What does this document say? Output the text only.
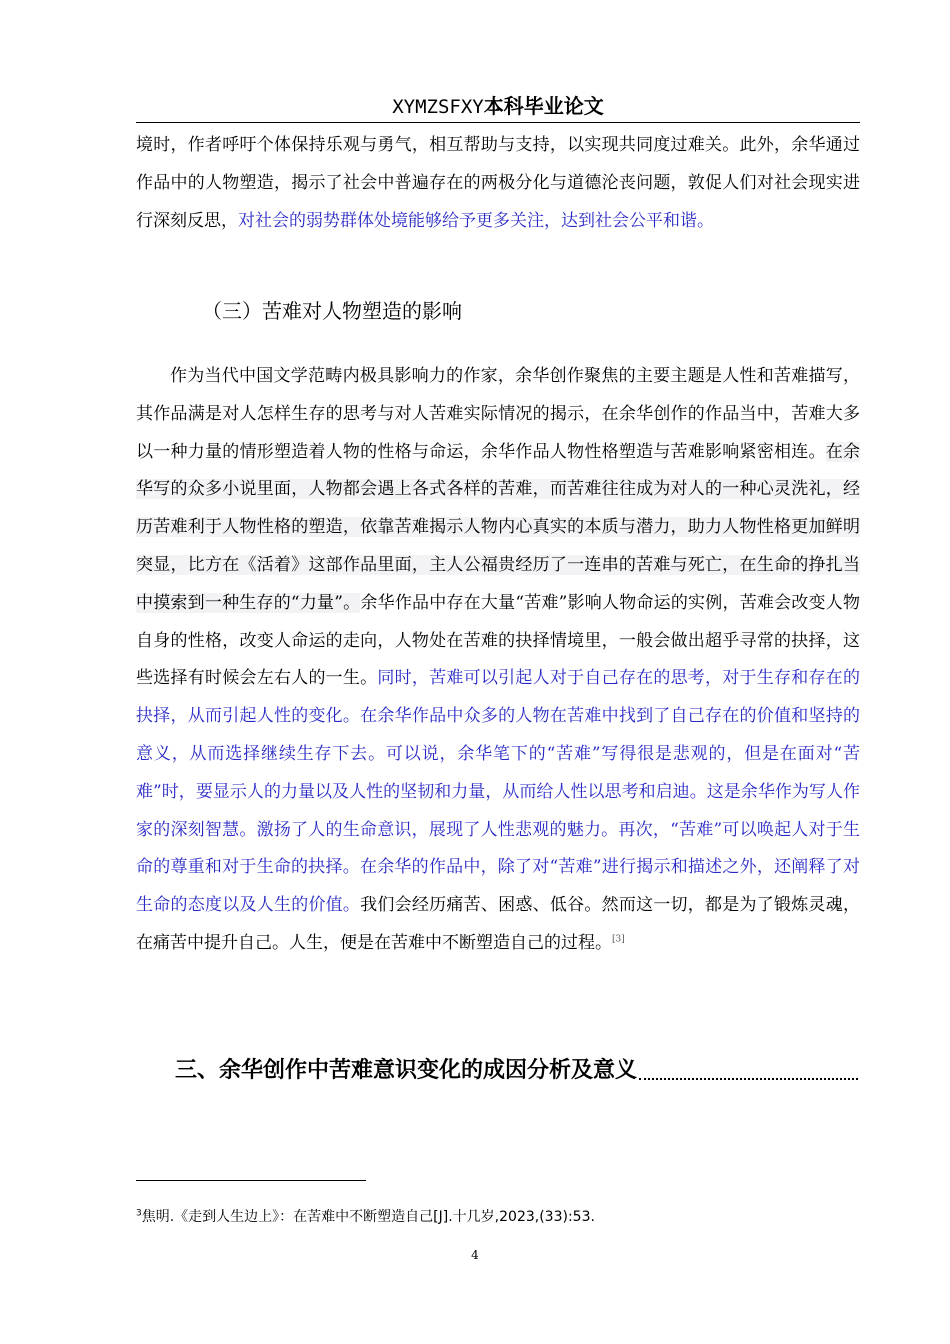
XYMZSFXY本科毕业论文

境时，作者呼吁个体保持乐观与勇气，相互帮助与支持，以实现共同度过难关。此外，余华通过作品中的人物塑造，揭示了社会中普遍存在的两极分化与道德沦丧问题，敦促人们对社会现实进行深刻反思，对社会的弱势群体处境能够给予更多关注，达到社会公平和谐。

（三）苦难对人物塑造的影响

作为当代中国文学范畴内极具影响力的作家，余华创作聚焦的主要主题是人性和苦难描写，其作品满是对人怎样生存的思考与对人苦难实际情况的揭示，在余华创作的作品当中，苦难大多以一种力量的情形塑造着人物的性格与命运，余华作品人物性格塑造与苦难影响紧密相连。在余华写的众多小说里面，人物都会遇上各式各样的苦难，而苦难往往成为对人的一种心灵洗礼，经历苦难利于人物性格的塑造，依靠苦难揭示人物内心真实的本质与潜力，助力人物性格更加鲜明突显，比方在《活着》这部作品里面，主人公福贵经历了一连串的苦难与死亡，在生命的挣扎当中摸索到一种生存的“力量”。余华作品中存在大量“苦难”影响人物命运的实例，苦难会改变人物自身的性格，改变人命运的走向，人物处在苦难的抉择情境里，一般会做出超乎寻常的抉择，这些选择有时候会左右人的一生。同时，苦难可以引起人对于自己存在的思考，对于生存和存在的抉择，从而引起人性的变化。在余华作品中众多的人物在苦难中找到了自己存在的价值和坚持的意义，从而选择继续生存下去。可以说，余华笔下的“苦难”写得很是悲观的，但是在面对“苦难”时，要显示人的力量以及人性的坚韧和力量，从而给人性以思考和启迪。这是余华作为写人作家的深刻智慧。激扬了人的生命意识，展现了人性悲观的魅力。再次，“苦难”可以唤起人对于生命的尊重和对于生命的抉择。在余华的作品中，除了对“苦难”进行揭示和描述之外，还阐释了对生命的态度以及人生的价值。我们会经历痛苦、困惑、低谷。然而这一切，都是为了锻炼灵魂，在痛苦中提升自己。人生，便是在苦难中不断塑造自己的过程。[3]

三、余华创作中苦难意识变化的成因分析及意义
$^3$焦明.《走到人生边上》：在苦难中不断塑造自己[J].十几岁,2023,(33):53.
4
